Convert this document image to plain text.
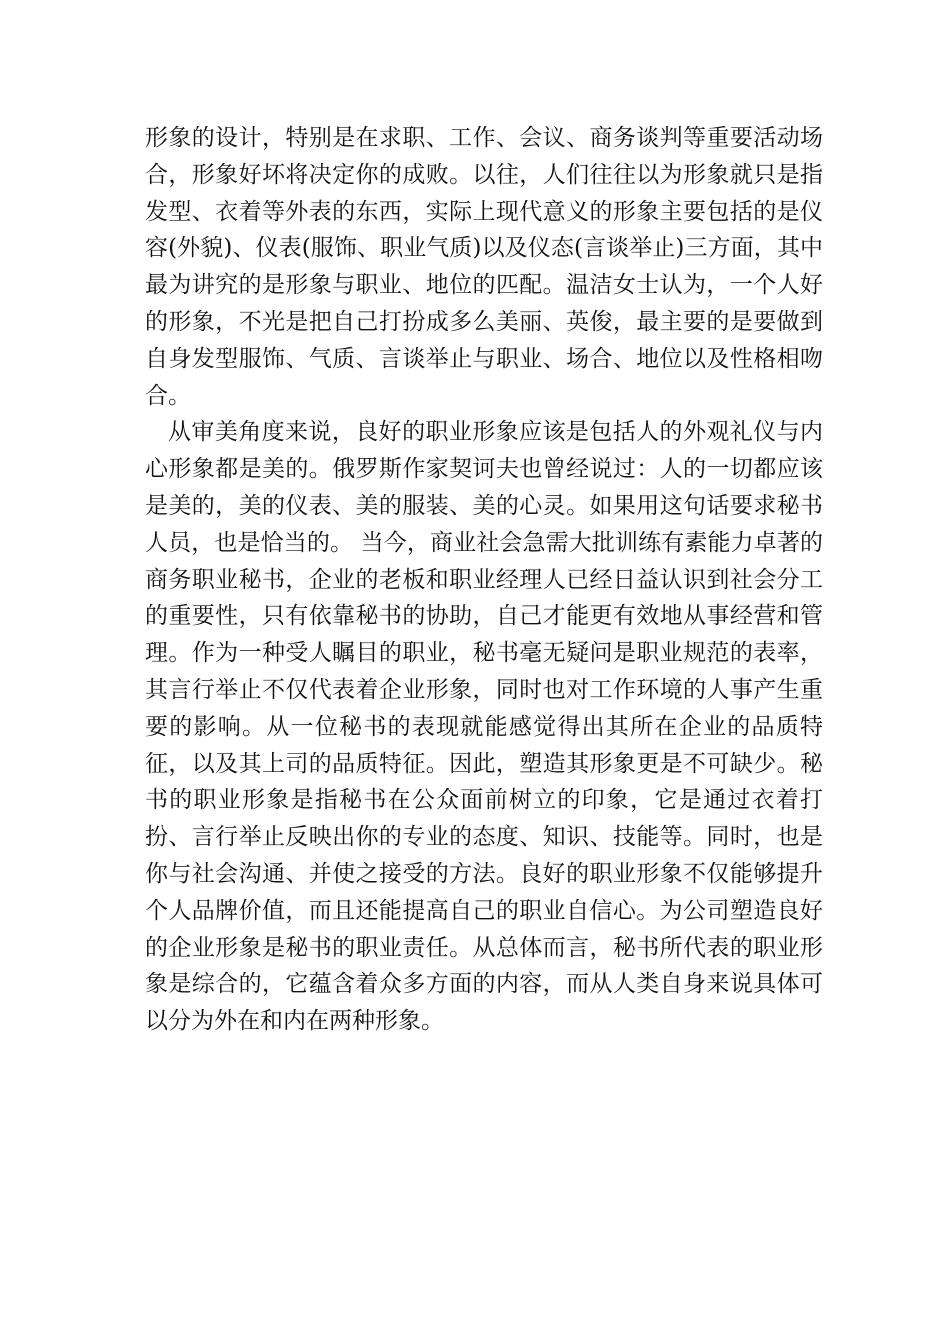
形象的设计，特别是在求职、工作、会议、商务谈判等重要活动场合，形象好坏将决定你的成败。以往，人们往往以为形象就只是指发型、衣着等外表的东西，实际上现代意义的形象主要包括的是仪容(外貌)、仪表(服饰、职业气质)以及仪态(言谈举止)三方面，其中最为讲究的是形象与职业、地位的匹配。温洁女士认为，一个人好的形象，不光是把自己打扮成多么美丽、英俊，最主要的是要做到自身发型服饰、气质、言谈举止与职业、场合、地位以及性格相吻合。

从审美角度来说，良好的职业形象应该是包括人的外观礼仪与内心形象都是美的。俄罗斯作家契诃夫也曾经说过：人的一切都应该是美的，美的仪表、美的服装、美的心灵。如果用这句话要求秘书人员，也是恰当的。 当今，商业社会急需大批训练有素能力卓著的商务职业秘书，企业的老板和职业经理人已经日益认识到社会分工的重要性，只有依靠秘书的协助，自己才能更有效地从事经营和管理。作为一种受人瞩目的职业，秘书毫无疑问是职业规范的表率，其言行举止不仅代表着企业形象，同时也对工作环境的人事产生重要的影响。从一位秘书的表现就能感觉得出其所在企业的品质特征，以及其上司的品质特征。因此，塑造其形象更是不可缺少。秘书的职业形象是指秘书在公众面前树立的印象，它是通过衣着打扮、言行举止反映出你的专业的态度、知识、技能等。同时，也是你与社会沟通、并使之接受的方法。良好的职业形象不仅能够提升个人品牌价值，而且还能提高自己的职业自信心。为公司塑造良好的企业形象是秘书的职业责任。从总体而言，秘书所代表的职业形象是综合的，它蕴含着众多方面的内容，而从人类自身来说具体可以分为外在和内在两种形象。
